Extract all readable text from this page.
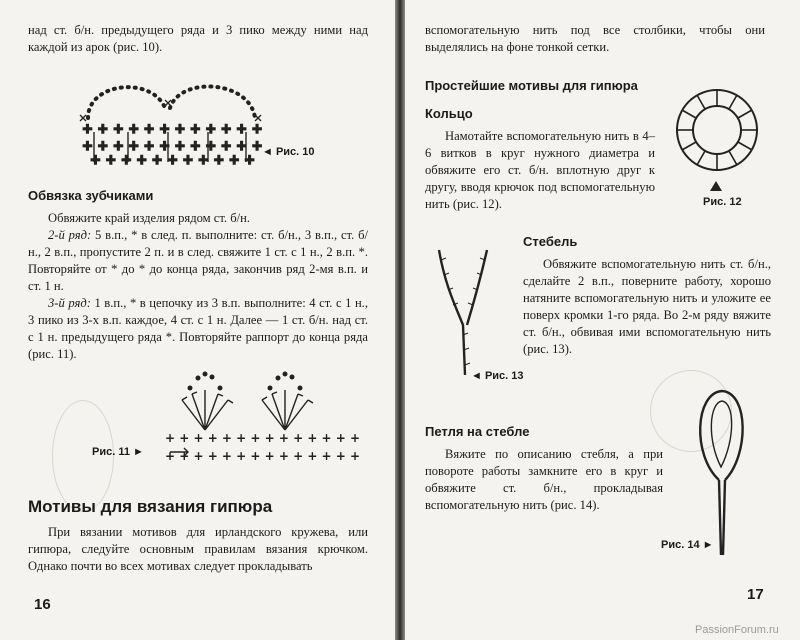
над ст. б/н. предыдущего ряда и 3 пико между ними над каждой из арок (рис. 10).
+ + + + + + + + + + + +
+ + + + + + + + + + + +
+ + + + + + + + + + +
◄ Рис. 10
Обвязка зубчиками
Обвяжите край изделия рядом ст. б/н.
2-й ряд: 5 в.п., * в след. п. выполните: ст. б/н., 3 в.п., ст. б/н., 2 в.п., пропустите 2 п. и в след. свяжите 1 ст. с 1 н., 2 в.п. *. Повторяйте от * до * до конца ряда, закончив ряд 2-мя в.п. и ст. 1 н.
3-й ряд: 1 в.п., * в цепочку из 3 в.п. выполните: 4 ст. с 1 н., 3 пико из 3-х в.п. каждое, 4 ст. с 1 н. Далее — 1 ст. б/н. над ст. с 1 н. предыдущего ряда *. Повторяйте раппорт до конца ряда (рис. 11).
+ + + + + + + + + + + + + +
+ + + + + + + + + + + + + +
Рис. 11 ►
Мотивы для вязания гипюра
При вязании мотивов для ирландского кружева, или гипюра, следуйте основным правилам вязания крючком. Однако почти во всех мотивах следует прокладывать
16
вспомогательную нить под все столбики, чтобы они выделялись на фоне тонкой сетки.
Простейшие мотивы для гипюра
Кольцо
Намотайте вспомогательную нить в 4–6 витков в круг нужного диаметра и обвяжите его ст. б/н. вплотную друг к другу, вводя крючок под вспомогательную нить (рис. 12).	Рис. 12
◄ Рис. 13
Стебель
Обвяжите вспомогательную нить ст. б/н., сделайте 2 в.п., поверните работу, хорошо натяните вспомогательную нить и уложите ее поверх кромки 1-го ряда. Во 2-м ряду вяжите ст. б/н., обвивая ими вспомогательную нить (рис. 13).
Петля на стебле
Вяжите по описанию стебля, а при повороте работы замкните его в круг и обвяжите ст. б/н., прокладывая вспомогательную нить (рис. 14).
Рис. 14 ►
17
PassionForum.ru
